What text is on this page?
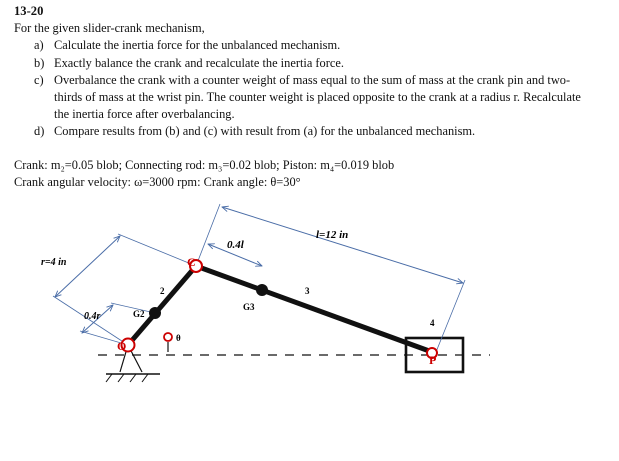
13-20
For the given slider-crank mechanism,
a) Calculate the inertia force for the unbalanced mechanism.
b) Exactly balance the crank and recalculate the inertia force.
c) Overbalance the crank with a counter weight of mass equal to the sum of mass at the crank pin and two-thirds of mass at the wrist pin. The counter weight is placed opposite to the crank at a radius r. Recalculate the inertia force after overbalancing.
d) Compare results from (b) and (c) with result from (a) for the unbalanced mechanism.
Crank: m₂=0.05 blob; Connecting rod: m₃=0.02 blob; Piston: m₄=0.019 blob
Crank angular velocity: ω=3000 rpm: Crank angle: θ=30°
r=4 in
0.4r
0.4l
l=12 in
O
C
P
G2
G3
2	3
4
θ
